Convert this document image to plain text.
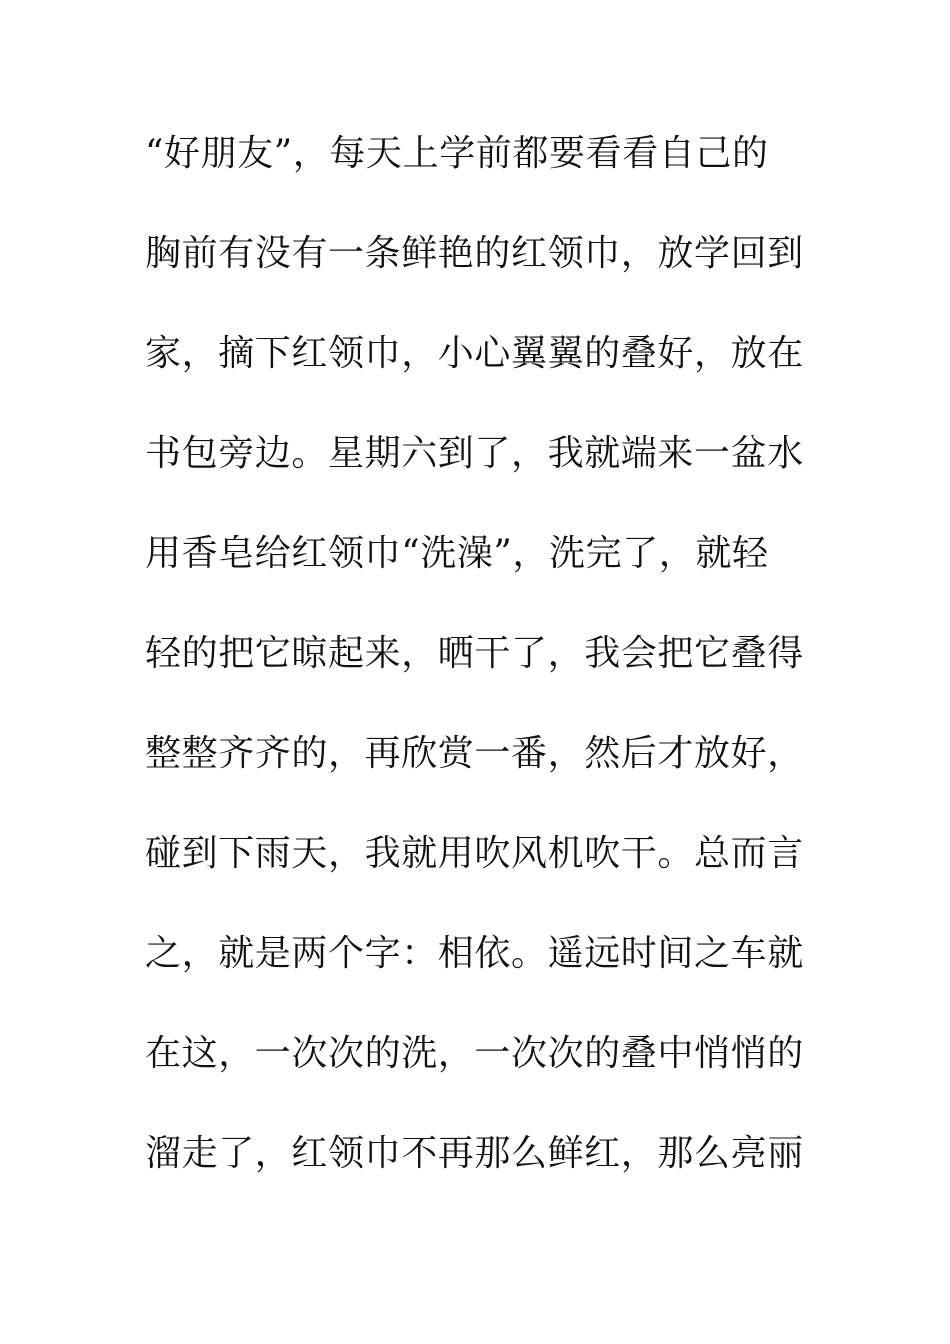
“好朋友”，每天上学前都要看看自己的
胸前有没有一条鲜艳的红领巾，放学回到
家，摘下红领巾，小心翼翼的叠好，放在
书包旁边。星期六到了，我就端来一盆水
用香皂给红领巾“洗澡”，洗完了，就轻
轻的把它晾起来，晒干了，我会把它叠得
整整齐齐的，再欣赏一番，然后才放好，
碰到下雨天，我就用吹风机吹干。总而言
之，就是两个字：相依。遥远时间之车就
在这，一次次的洗，一次次的叠中悄悄的
溜走了，红领巾不再那么鲜红，那么亮丽
